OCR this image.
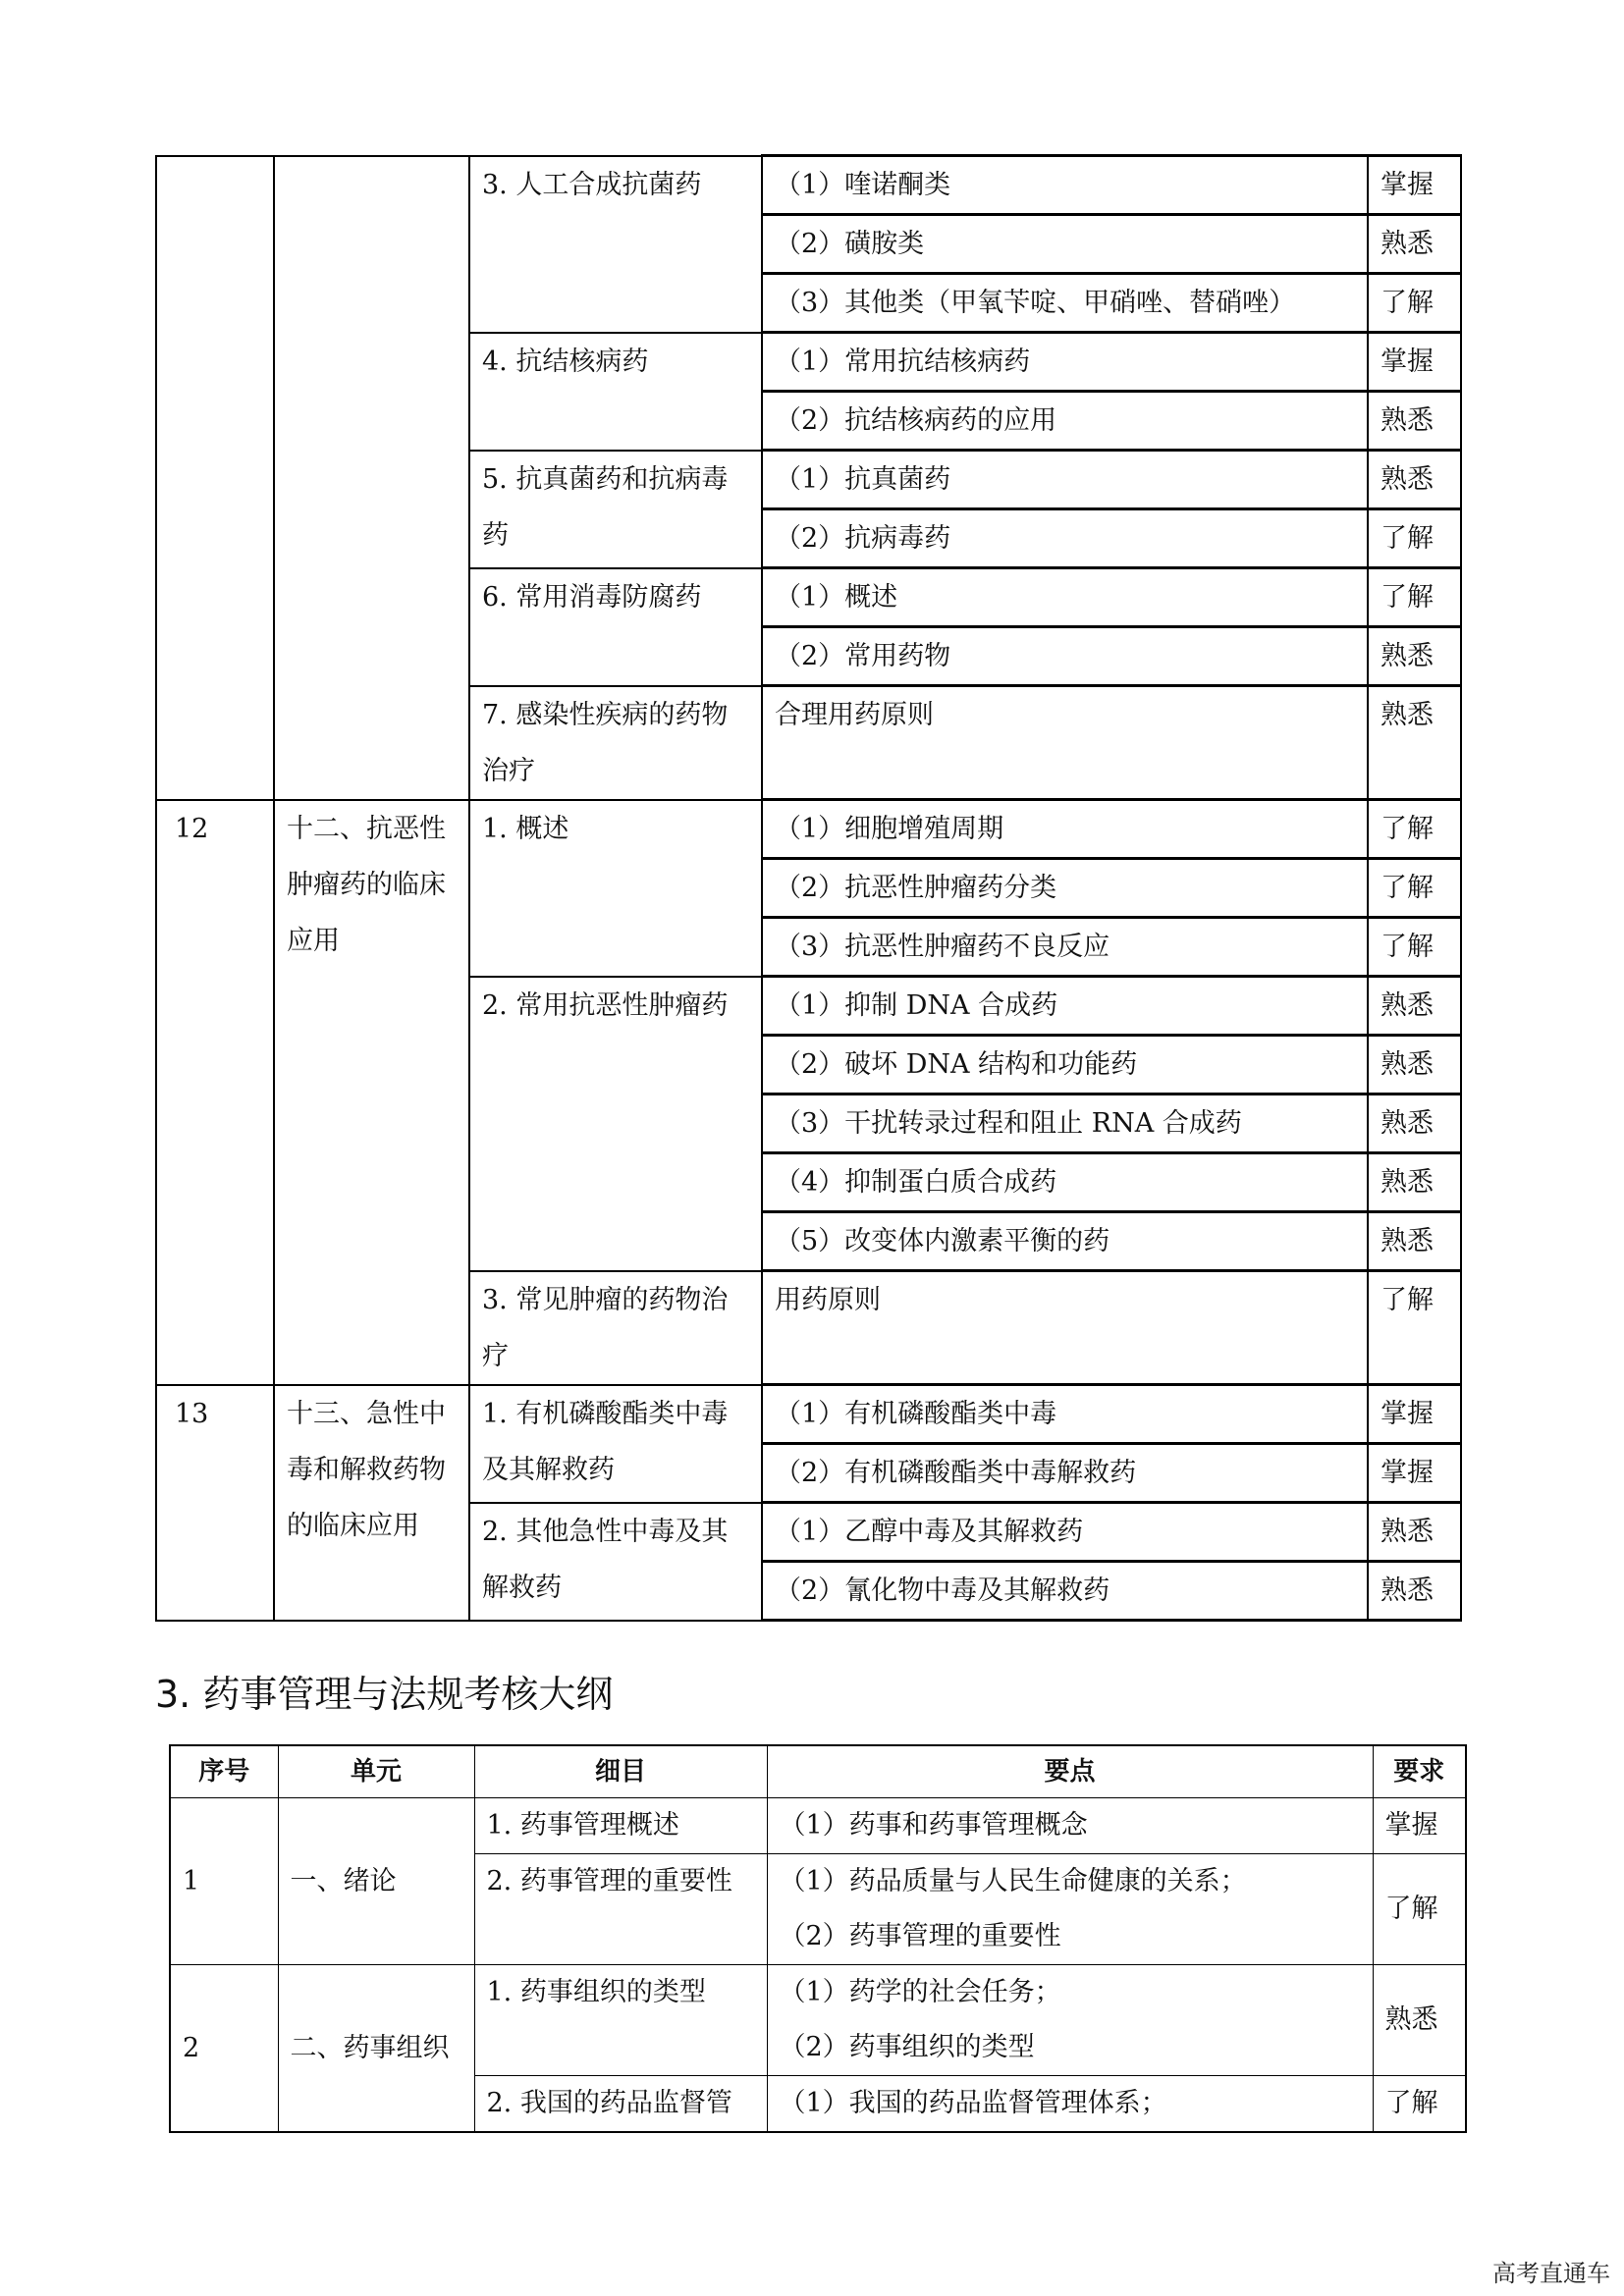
		3. 人工合成抗菌药	（1）喹诺酮类	掌握
			（2）磺胺类	熟悉
			（3）其他类（甲氧苄啶、甲硝唑、替硝唑）	了解
		4. 抗结核病药	（1）常用抗结核病药	掌握
			（2）抗结核病药的应用	熟悉
		5. 抗真菌药和抗病毒药	（1）抗真菌药	熟悉
			（2）抗病毒药	了解
		6. 常用消毒防腐药	（1）概述	了解
			（2）常用药物	熟悉
		7. 感染性疾病的药物治疗	合理用药原则	熟悉
12	十二、抗恶性肿瘤药的临床应用	1. 概述	（1）细胞增殖周期	了解
			（2）抗恶性肿瘤药分类	了解
			（3）抗恶性肿瘤药不良反应	了解
		2. 常用抗恶性肿瘤药	（1）抑制 DNA 合成药	熟悉
			（2）破坏 DNA 结构和功能药	熟悉
			（3）干扰转录过程和阻止 RNA 合成药	熟悉
			（4）抑制蛋白质合成药	熟悉
			（5）改变体内激素平衡的药	熟悉
		3. 常见肿瘤的药物治疗	用药原则	了解
13	十三、急性中毒和解救药物的临床应用	1. 有机磷酸酯类中毒及其解救药	（1）有机磷酸酯类中毒	掌握
			（2）有机磷酸酯类中毒解救药	掌握
		2. 其他急性中毒及其解救药	（1）乙醇中毒及其解救药	熟悉
			（2）氰化物中毒及其解救药	熟悉
3. 药事管理与法规考核大纲
序号	单元	细目	要点	要求
1	一、绪论	1. 药事管理概述	（1）药事和药事管理概念	掌握
		2. 药事管理的重要性	（1）药品质量与人民生命健康的关系；
（2）药事管理的重要性	了解
2	二、药事组织	1. 药事组织的类型	（1）药学的社会任务；
（2）药事组织的类型	熟悉
		2. 我国的药品监督管	（1）我国的药品监督管理体系；	了解
高考直通车
